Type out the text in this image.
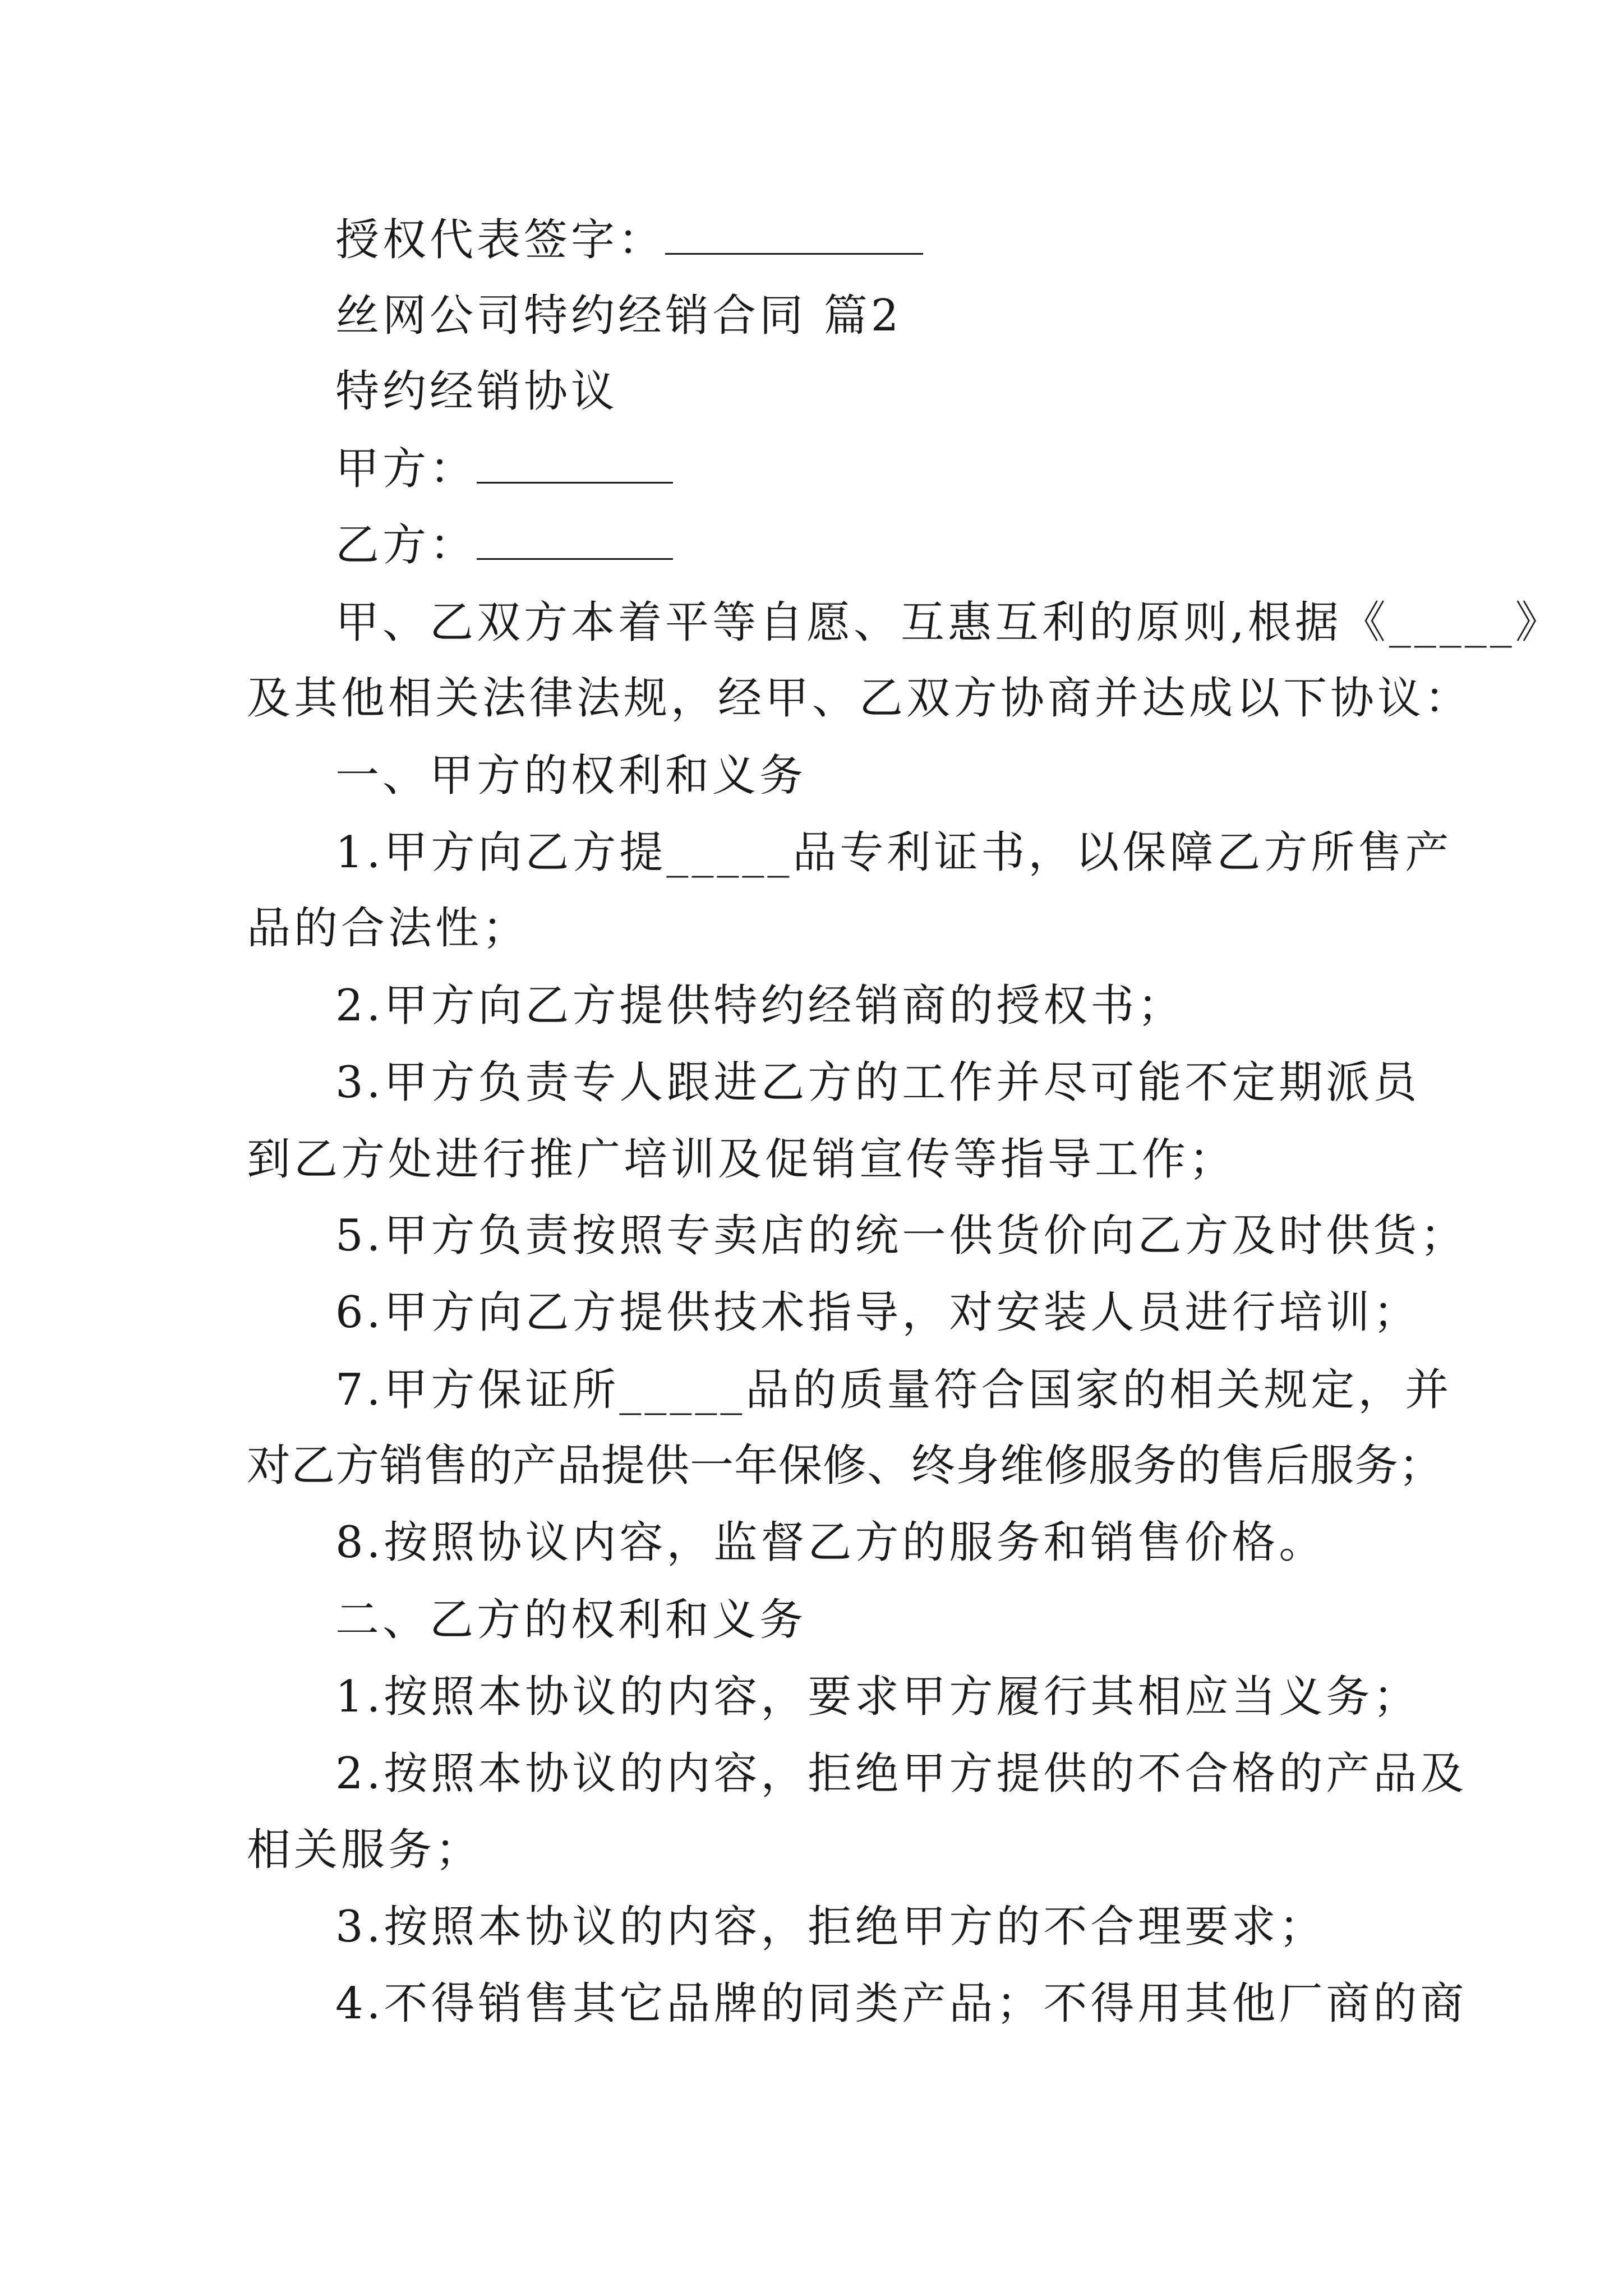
授权代表签字：
丝网公司特约经销合同 篇2
特约经销协议
甲方：
乙方：
甲、乙双方本着平等自愿、互惠互利的原则,根据《_____》
及其他相关法律法规，经甲、乙双方协商并达成以下协议：
一、甲方的权利和义务
1.甲方向乙方提_____品专利证书，以保障乙方所售产
品的合法性；
2.甲方向乙方提供特约经销商的授权书；
3.甲方负责专人跟进乙方的工作并尽可能不定期派员
到乙方处进行推广培训及促销宣传等指导工作；
5.甲方负责按照专卖店的统一供货价向乙方及时供货；
6.甲方向乙方提供技术指导，对安装人员进行培训；
7.甲方保证所_____品的质量符合国家的相关规定，并
对乙方销售的产品提供一年保修、终身维修服务的售后服务；
8.按照协议内容，监督乙方的服务和销售价格。
二、乙方的权利和义务
1.按照本协议的内容，要求甲方履行其相应当义务；
2.按照本协议的内容，拒绝甲方提供的不合格的产品及
相关服务；
3.按照本协议的内容，拒绝甲方的不合理要求；
4.不得销售其它品牌的同类产品；不得用其他厂商的商
